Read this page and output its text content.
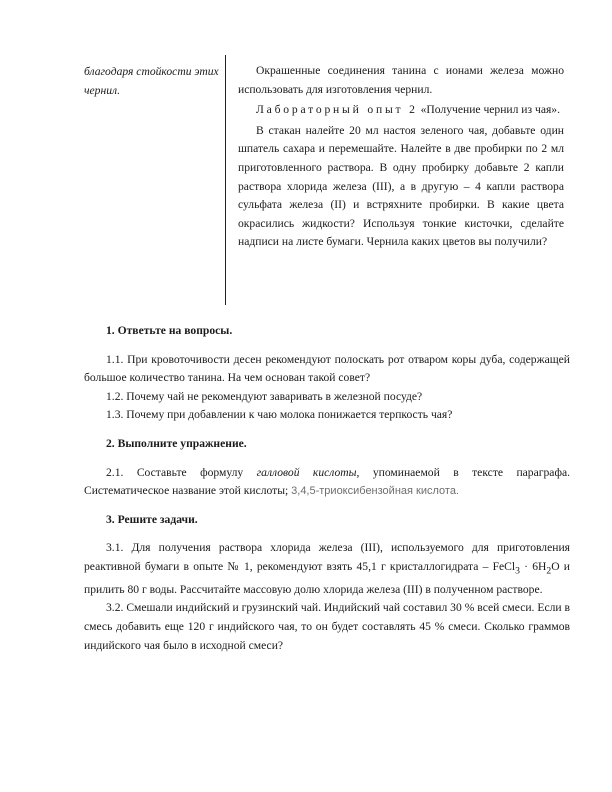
благодаря стойкости этих чернил.

Окрашенные соединения танина с ионами железа можно использовать для изготовления чернил.

Лабораторный опыт 2 «Получение чернил из чая».

В стакан налейте 20 мл настоя зеленого чая, добавьте один шпатель сахара и перемешайте. Налейте в две пробирки по 2 мл приготовленного раствора. В одну пробирку добавьте 2 капли раствора хлорида железа (III), а в другую – 4 капли раствора сульфата железа (II) и встряхните пробирки. В какие цвета окрасились жидкости? Используя тонкие кисточки, сделайте надписи на листе бумаги. Чернила каких цветов вы получили?

1. Ответьте на вопросы.

1.1. При кровоточивости десен рекомендуют полоскать рот отваром коры дуба, содержащей большое количество танина. На чем основан такой совет?

1.2. Почему чай не рекомендуют заваривать в железной посуде?

1.3. Почему при добавлении к чаю молока понижается терпкость чая?

2. Выполните упражнение.

2.1. Составьте формулу галловой кислоты, упоминаемой в тексте параграфа. Систематическое название этой кислоты; 3,4,5-триоксибензойная кислота.

3. Решите задачи.

3.1. Для получения раствора хлорида железа (III), используемого для приготовления реактивной бумаги в опыте № 1, рекомендуют взять 45,1 г кристаллогидрата – FeCl$_3$ · $6H_2O$ и прилить 80 г воды. Рассчитайте массовую долю хлорида железа (III) в полученном растворе.

3.2. Смешали индийский и грузинский чай. Индийский чай составил 30 % всей смеси. Если в смесь добавить еще 120 г индийского чая, то он будет составлять 45 % смеси. Сколько граммов индийского чая было в исходной смеси?
